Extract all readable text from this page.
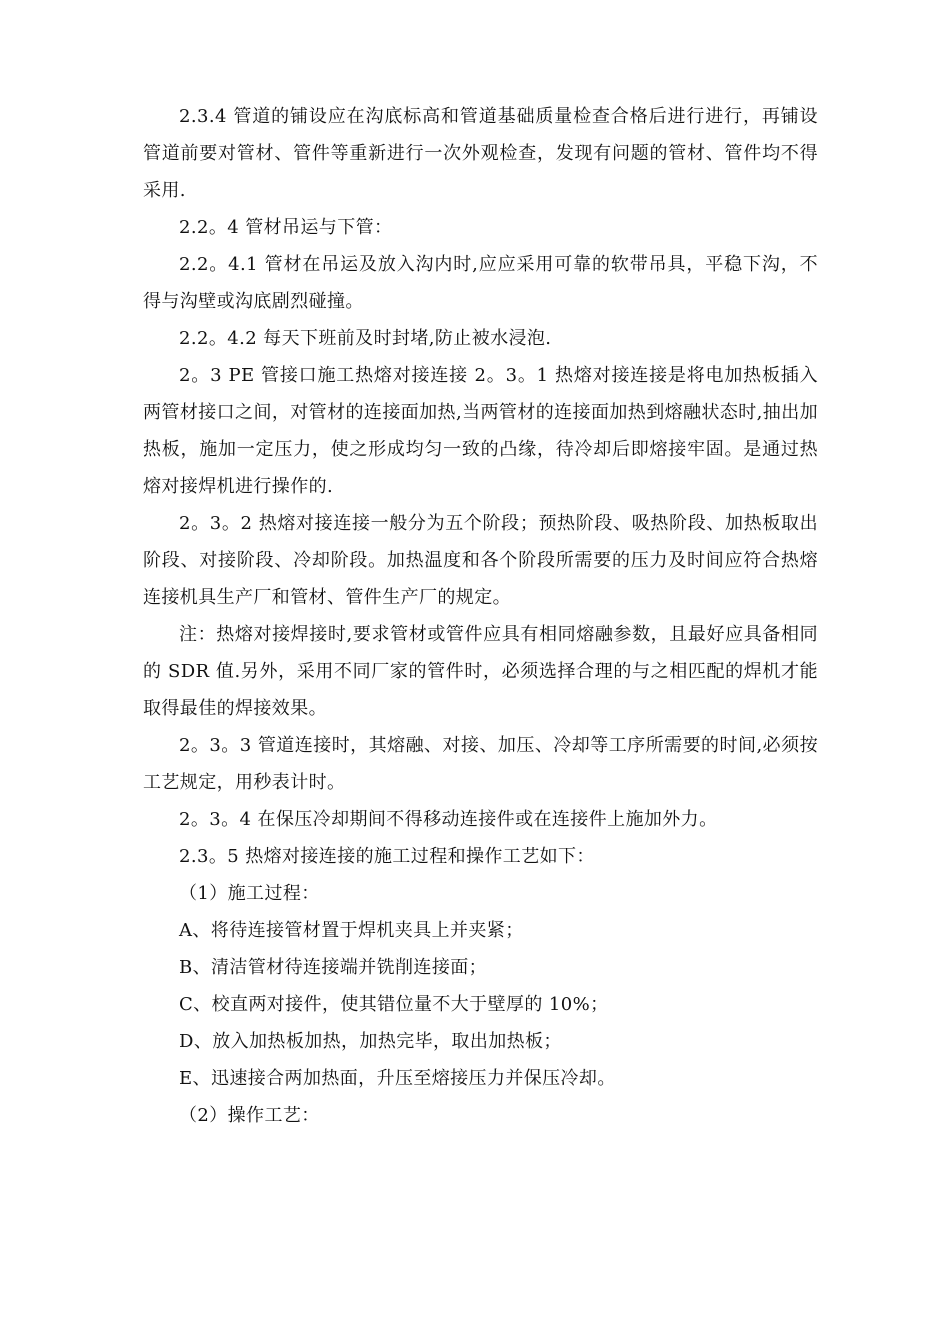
2.3.4 管道的铺设应在沟底标高和管道基础质量检查合格后进行进行，再铺设管道前要对管材、管件等重新进行一次外观检查，发现有问题的管材、管件均不得采用.

2.2。4 管材吊运与下管：

2.2。4.1 管材在吊运及放入沟内时,应应采用可靠的软带吊具，平稳下沟，不得与沟壁或沟底剧烈碰撞。

2.2。4.2 每天下班前及时封堵,防止被水浸泡.

2。3 PE 管接口施工热熔对接连接 2。3。1 热熔对接连接是将电加热板插入两管材接口之间，对管材的连接面加热,当两管材的连接面加热到熔融状态时,抽出加热板，施加一定压力，使之形成均匀一致的凸缘，待冷却后即熔接牢固。是通过热熔对接焊机进行操作的.

2。3。2 热熔对接连接一般分为五个阶段；预热阶段、吸热阶段、加热板取出阶段、对接阶段、冷却阶段。加热温度和各个阶段所需要的压力及时间应符合热熔连接机具生产厂和管材、管件生产厂的规定。

注：热熔对接焊接时,要求管材或管件应具有相同熔融参数，且最好应具备相同的 SDR 值.另外，采用不同厂家的管件时，必须选择合理的与之相匹配的焊机才能取得最佳的焊接效果。

2。3。3 管道连接时，其熔融、对接、加压、冷却等工序所需要的时间,必须按工艺规定，用秒表计时。

2。3。4 在保压冷却期间不得移动连接件或在连接件上施加外力。

2.3。5 热熔对接连接的施工过程和操作工艺如下：

（1）施工过程：

A、将待连接管材置于焊机夹具上并夹紧；

B、清洁管材待连接端并铣削连接面；

C、校直两对接件，使其错位量不大于壁厚的 10%；

D、放入加热板加热，加热完毕，取出加热板；

E、迅速接合两加热面，升压至熔接压力并保压冷却。

（2）操作工艺：
